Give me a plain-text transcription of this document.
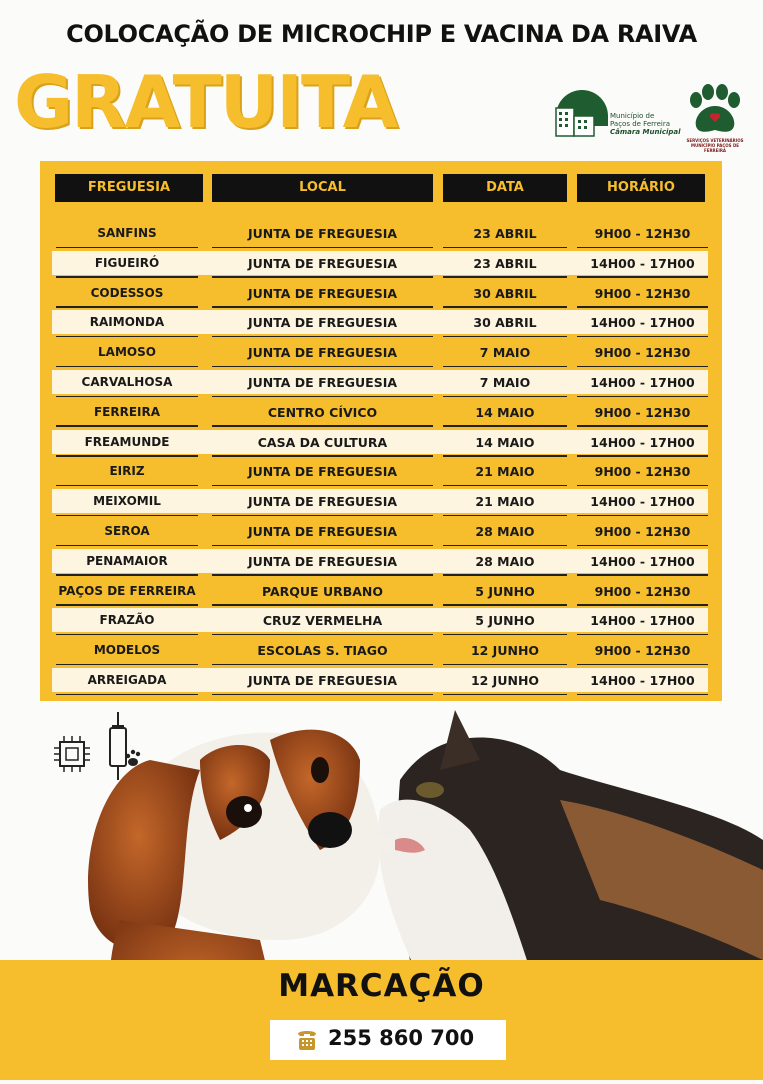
COLOCAÇÃO DE MICROCHIP E VACINA DA RAIVA
GRATUITA	Município de
Paços de Ferreira
Câmara Municipal
SERVIÇOS VETERINÁRIOS
MUNICÍPIO PAÇOS DE FERREIRA
FREGUESIA	LOCAL	DATA	HORÁRIO
SANFINS	JUNTA DE FREGUESIA	23 ABRIL	9H00 - 12H30
FIGUEIRÓ	JUNTA DE FREGUESIA	23 ABRIL	14H00 - 17H00
CODESSOS	JUNTA DE FREGUESIA	30 ABRIL	9H00 - 12H30
RAIMONDA	JUNTA DE FREGUESIA	30 ABRIL	14H00 - 17H00
LAMOSO	JUNTA DE FREGUESIA	7 MAIO	9H00 - 12H30
CARVALHOSA	JUNTA DE FREGUESIA	7 MAIO	14H00 - 17H00
FERREIRA	CENTRO CÍVICO	14 MAIO	9H00 - 12H30
FREAMUNDE	CASA DA CULTURA	14 MAIO	14H00 - 17H00
EIRIZ	JUNTA DE FREGUESIA	21 MAIO	9H00 - 12H30
MEIXOMIL	JUNTA DE FREGUESIA	21 MAIO	14H00 - 17H00
SEROA	JUNTA DE FREGUESIA	28 MAIO	9H00 - 12H30
PENAMAIOR	JUNTA DE FREGUESIA	28 MAIO	14H00 - 17H00
PAÇOS DE FERREIRA	PARQUE URBANO	5 JUNHO	9H00 - 12H30
FRAZÃO	CRUZ VERMELHA	5 JUNHO	14H00 - 17H00
MODELOS	ESCOLAS S. TIAGO	12 JUNHO	9H00 - 12H30
ARREIGADA	JUNTA DE FREGUESIA	12 JUNHO	14H00 - 17H00
MARCAÇÃO
255 860 700
